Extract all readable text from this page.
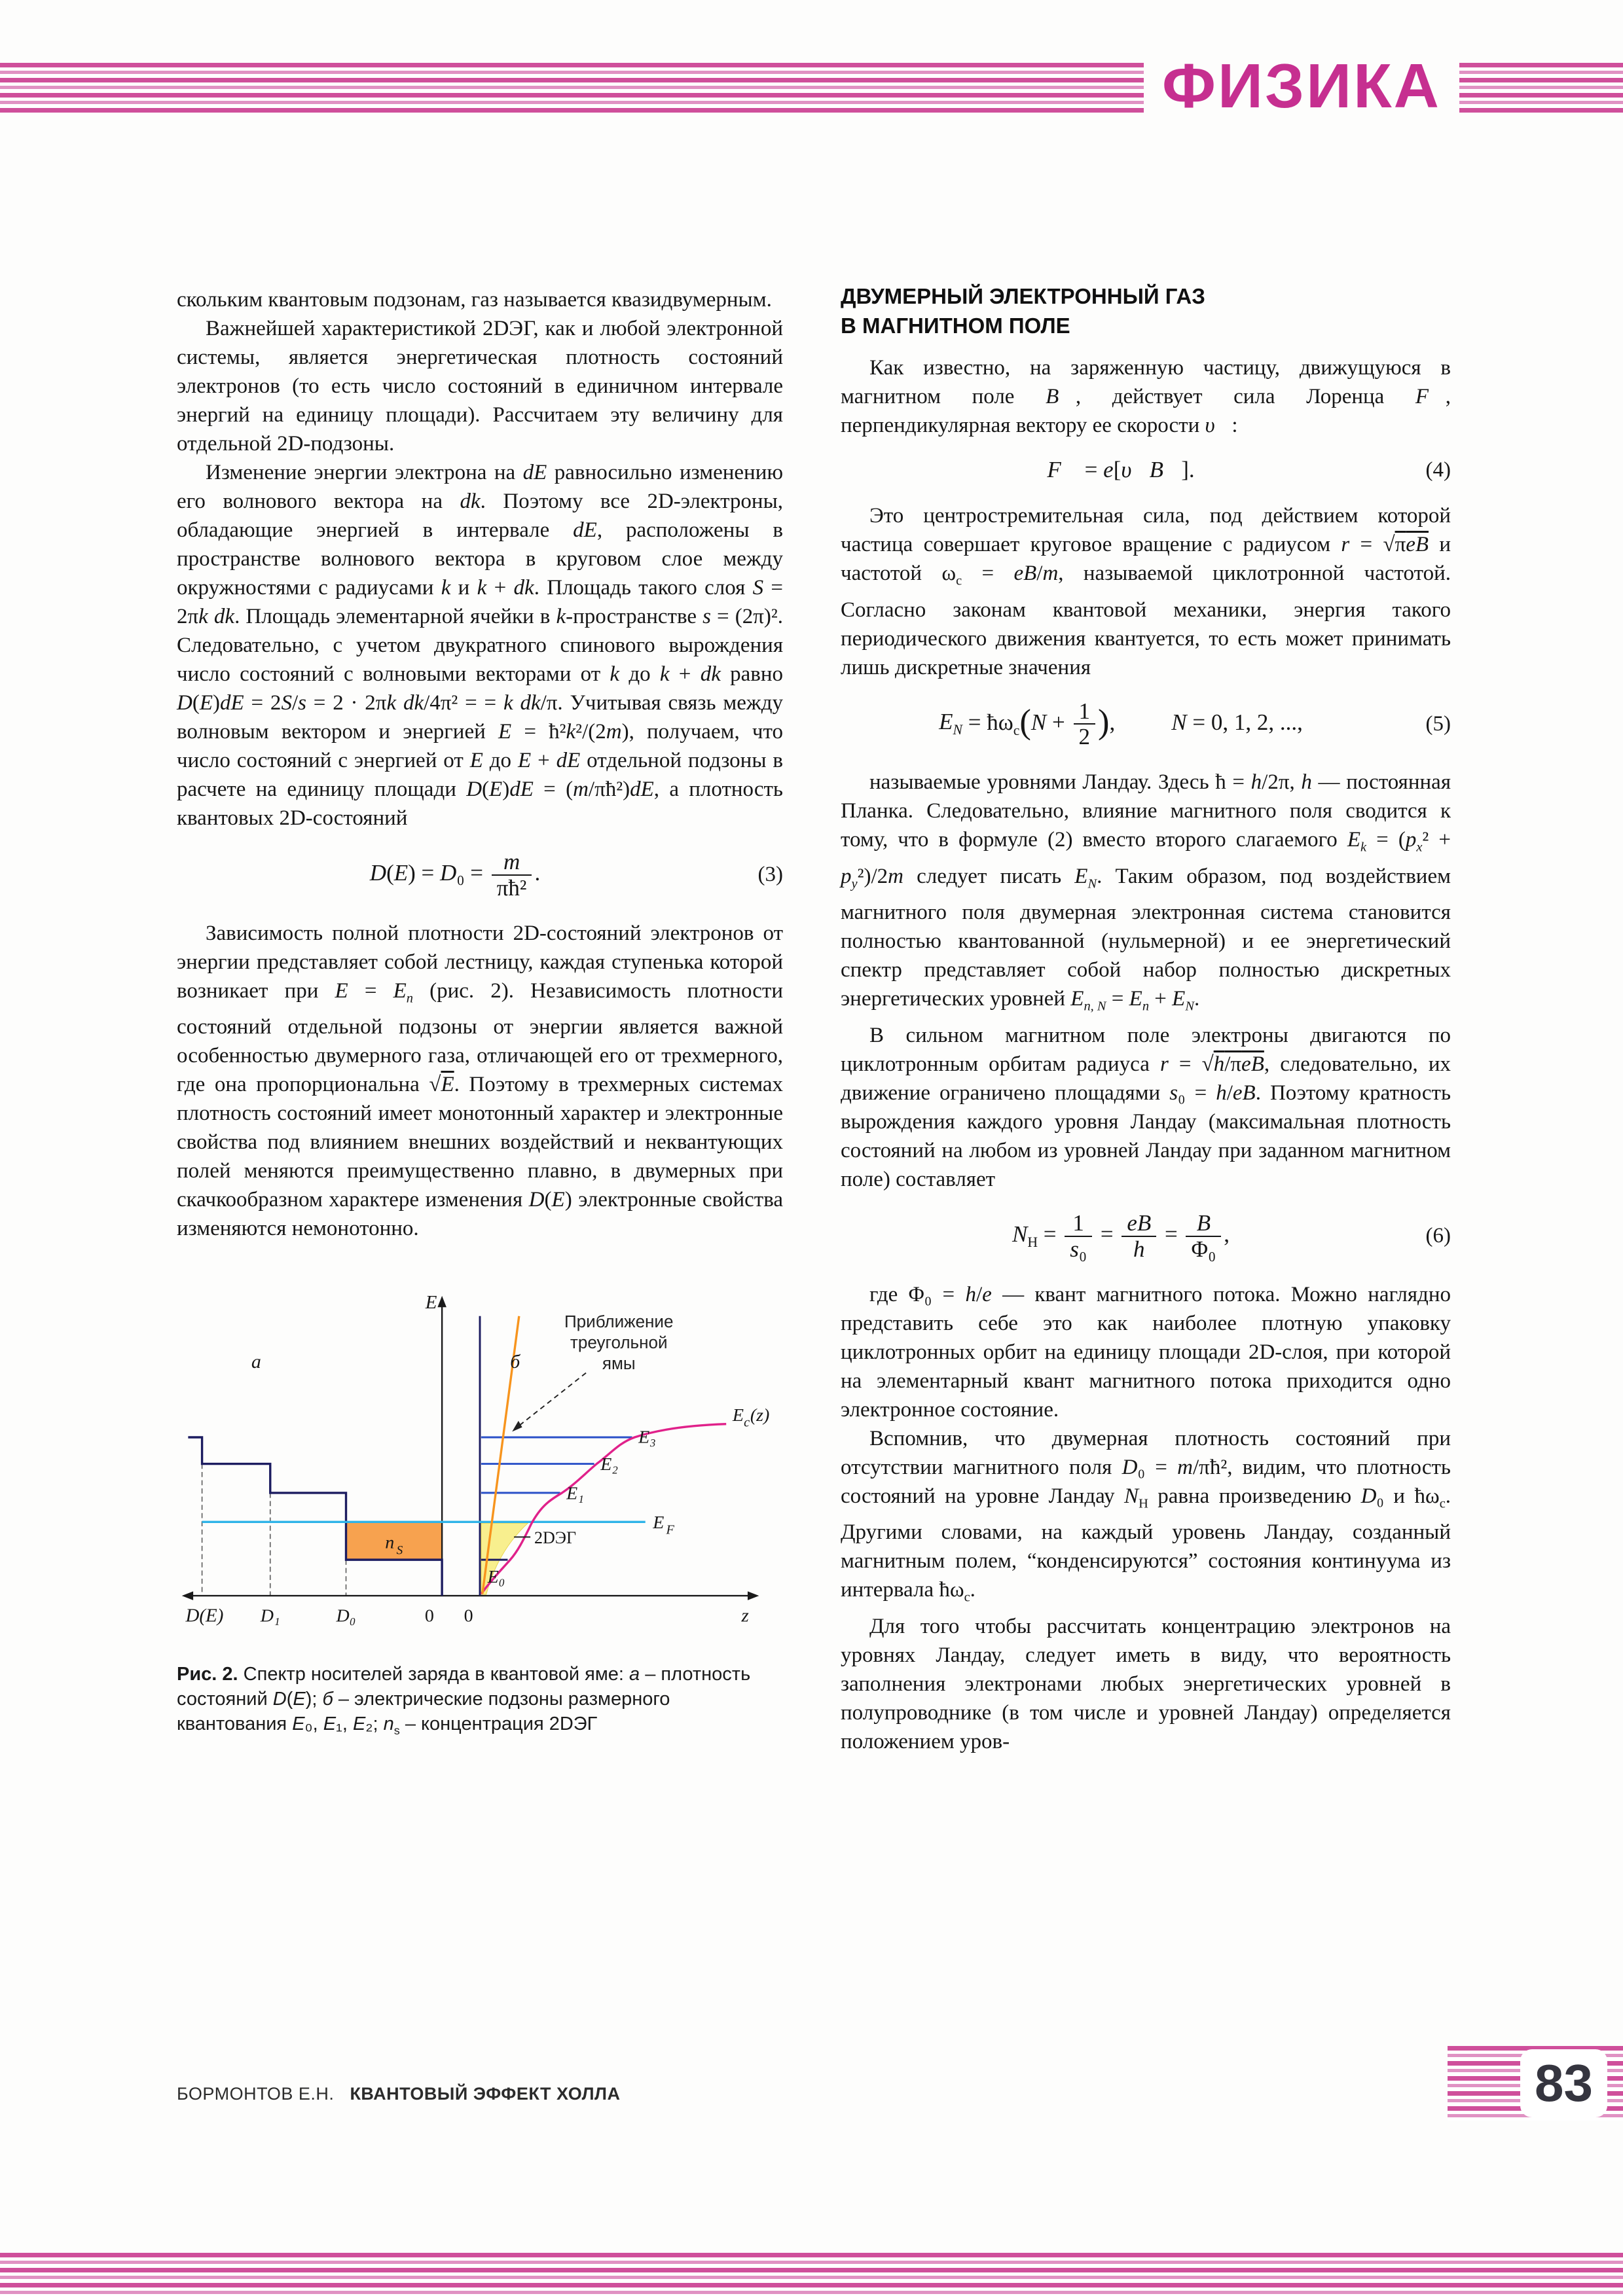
ФИЗИКА

скольким квантовым подзонам, газ называется квазидвумерным.

Важнейшей характеристикой 2DЭГ, как и любой электронной системы, является энергетическая плотность состояний электронов (то есть число состояний в единичном интервале энергий на единицу площади). Рассчитаем эту величину для отдельной 2D-подзоны.

Изменение энергии электрона на dE равносильно изменению его волнового вектора на dk. Поэтому все 2D-электроны, обладающие энергией в интервале dE, расположены в пространстве волнового вектора в круговом слое между окружностями с радиусами k и k + dk. Площадь такого слоя S = 2πk dk. Площадь элементарной ячейки в k-пространстве s = (2π)². Следовательно, с учетом двукратного спинового вырождения число состояний с волновыми векторами от k до k + dk равно D(E)dE = 2S/s = 2 · 2πk dk/4π² = = k dk/π. Учитывая связь между волновым вектором и энергией E = ħ²k²/(2m), получаем, что число состояний с энергией от E до E + dE отдельной подзоны в расчете на единицу площади D(E)dE = (m/πħ²)dE, а плотность квантовых 2D-состояний

$D(E) = D_0 = \frac{m}{\text{πħ²}}$ .	(3)

Зависимость полной плотности 2D-состояний электронов от энергии представляет собой лестницу, каждая ступенька которой возникает при $E = E_n$ (рис. 2). Независимость плотности состояний отдельной подзоны от энергии является важной особенностью двумерного газа, отличающей его от трехмерного, где она пропорциональна √E. Поэтому в трехмерных системах плотность состояний имеет монотонный характер и электронные свойства под влиянием внешних воздействий и неквантующих полей меняются преимущественно плавно, в двумерных при скачкообразном характере изменения D(E) электронные свойства изменяются немонотонно.

E
z
D(E) D₁	D₀	0 0
а	б
E₀
E₁
E₂
E₃
E F
E c (z)
n S
2DЭГ
Приближение
треугольной
ямы
Рис. 2. Спектр носителей заряда в квантовой яме: а – плотность состояний D(E); б – электрические подзоны размерного квантования E₀, E₁, E₂; $n_s$ – концентрация 2DЭГ
ДВУМЕРНЫЙ ЭЛЕКТРОННЫЙ ГАЗ
В МАГНИТНОМ ПОЛЕ

Как известно, на заряженную частицу, движущуюся в магнитном поле B⃗, действует сила Лоренца F⃗, перпендикулярная вектору ее скорости υ⃗:

F⃗ = e[υ⃗B⃗].	(4)

Это центростремительная сила, под действием которой частица совершает круговое вращение с радиусом r = √πeB и частотой $\omega_c = eB/m$, называемой циклотронной частотой. Согласно законам квантовой механики, энергия такого периодического движения квантуется, то есть может принимать лишь дискретные значения

$E_N$ = $ħ\omega_c(N + \frac{1}{2}$ ), N = 0, 1, 2, ...,	(5)

называемые уровнями Ландау. Здесь ħ = h/2π, h — постоянная Планка. Следовательно, влияние магнитного поля сводится к тому, что в формуле (2) вместо второго слагаемого $E_k = (p_x^2 + p_y^2)/2m$ следует писать $E_N$. Таким образом, под воздействием магнитного поля двумерная электронная система становится полностью квантованной (нульмерной) и ее энергетический спектр представляет собой набор полностью дискретных энергетических уровней $E_{n, N} = E_n + E_N$.

В сильном магнитном поле электроны двигаются по циклотронным орбитам радиуса r = √h/πeB, следовательно, их движение ограничено площадями s₀ = h/eB. Поэтому кратность вырождения каждого уровня Ландау (максимальная плотность состояний на любом из уровней Ландау при заданном магнитном поле) составляет

$N_H = \frac{1}{\text{s₀}} = \frac{eB}{h} = \frac{B}{\text{Φ₀}}$ ,	(6)

где Φ₀ = h/e — квант магнитного потока. Можно наглядно представить себе это как наиболее плотную упаковку циклотронных орбит на единицу площади 2D-слоя, при которой на элементарный квант магнитного потока приходится одно электронное состояние.

Вспомнив, что двумерная плотность состояний при отсутствии магнитного поля D₀ = m/πħ², видим, что плотность состояний на уровне Ландау $N_H$ равна произведению D₀ и $ħ\omega_c$. Другими словами, на каждый уровень Ландау, созданный магнитным полем, “конденсируются” состояния континуума из интервала $ħ\omega_c$.

Для того чтобы рассчитать концентрацию электронов на уровнях Ландау, следует иметь в виду, что вероятность заполнения электронами любых энергетических уровней в полупроводнике (в том числе и уровней Ландау) определяется положением уров-

БОРМОНТОВ Е.Н. КВАНТОВЫЙ ЭФФЕКТ ХОЛЛА	83
